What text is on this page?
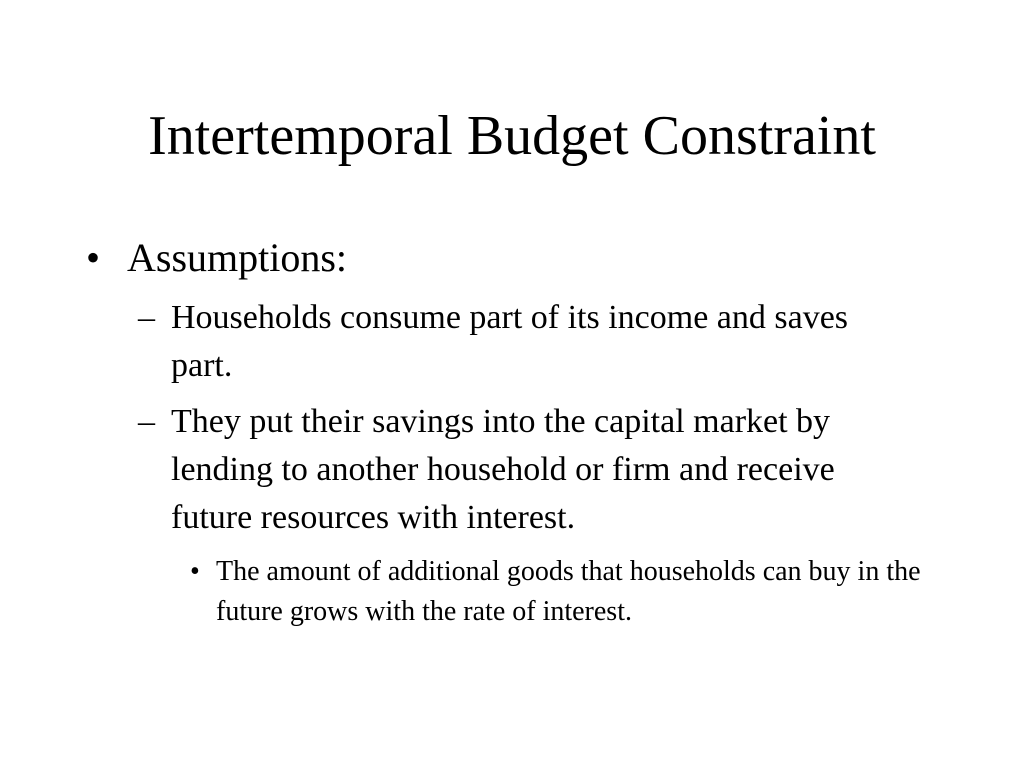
Intertemporal Budget Constraint
• Assumptions:
– Households consume part of its income and saves part.
– They put their savings into the capital market by lending to another household or firm and receive future resources with interest.
• The amount of additional goods that households can buy in the future grows with the rate of interest.
